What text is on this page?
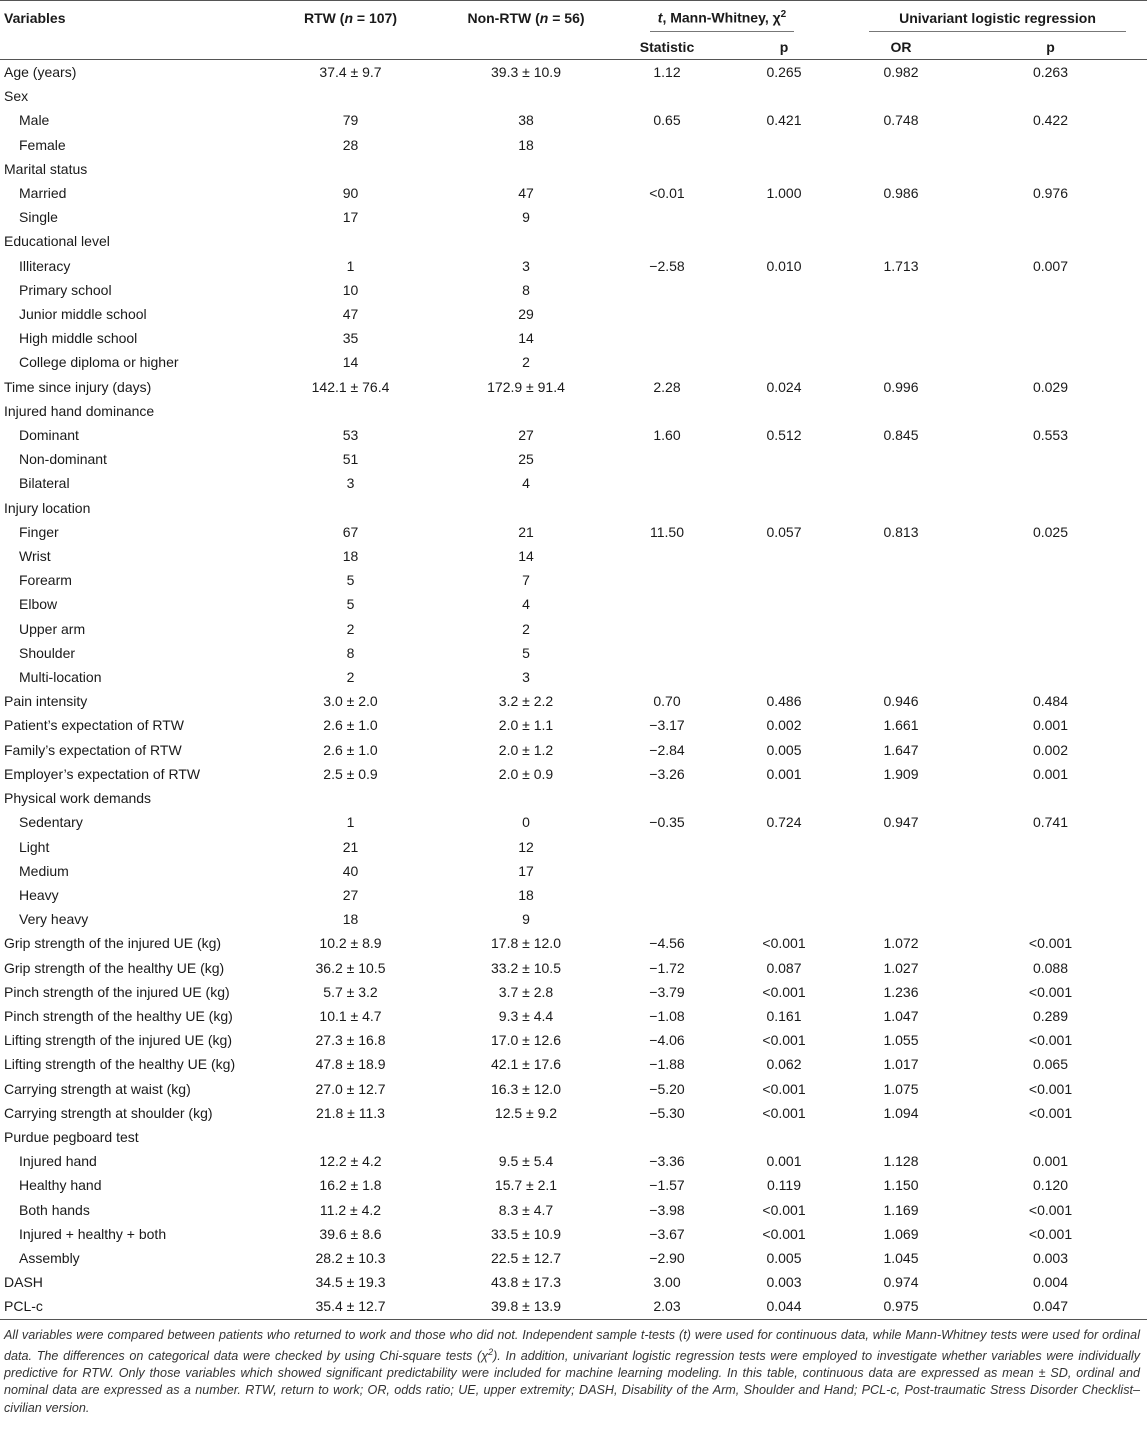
Variables	RTW (n = 107)	Non-RTW (n = 56)	t, Mann-Whitney, $\chi^2$		Univariant logistic regression	
			Statistic	p	OR	p
Age (years)	37.4 ± 9.7	39.3 ± 10.9	1.12	0.265	0.982	0.263
Sex						
Male	79	38	0.65	0.421	0.748	0.422
Female	28	18				
Marital status						
Married	90	47	<0.01	1.000	0.986	0.976
Single	17	9				
Educational level						
Illiteracy	1	3	−2.58	0.010	1.713	0.007
Primary school	10	8				
Junior middle school	47	29				
High middle school	35	14				
College diploma or higher	14	2				
Time since injury (days)	142.1 ± 76.4	172.9 ± 91.4	2.28	0.024	0.996	0.029
Injured hand dominance						
Dominant	53	27	1.60	0.512	0.845	0.553
Non-dominant	51	25				
Bilateral	3	4				
Injury location						
Finger	67	21	11.50	0.057	0.813	0.025
Wrist	18	14				
Forearm	5	7				
Elbow	5	4				
Upper arm	2	2				
Shoulder	8	5				
Multi-location	2	3				
Pain intensity	3.0 ± 2.0	3.2 ± 2.2	0.70	0.486	0.946	0.484
Patient’s expectation of RTW	2.6 ± 1.0	2.0 ± 1.1	−3.17	0.002	1.661	0.001
Family’s expectation of RTW	2.6 ± 1.0	2.0 ± 1.2	−2.84	0.005	1.647	0.002
Employer’s expectation of RTW	2.5 ± 0.9	2.0 ± 0.9	−3.26	0.001	1.909	0.001
Physical work demands						
Sedentary	1	0	−0.35	0.724	0.947	0.741
Light	21	12				
Medium	40	17				
Heavy	27	18				
Very heavy	18	9				
Grip strength of the injured UE (kg)	10.2 ± 8.9	17.8 ± 12.0	−4.56	<0.001	1.072	<0.001
Grip strength of the healthy UE (kg)	36.2 ± 10.5	33.2 ± 10.5	−1.72	0.087	1.027	0.088
Pinch strength of the injured UE (kg)	5.7 ± 3.2	3.7 ± 2.8	−3.79	<0.001	1.236	<0.001
Pinch strength of the healthy UE (kg)	10.1 ± 4.7	9.3 ± 4.4	−1.08	0.161	1.047	0.289
Lifting strength of the injured UE (kg)	27.3 ± 16.8	17.0 ± 12.6	−4.06	<0.001	1.055	<0.001
Lifting strength of the healthy UE (kg)	47.8 ± 18.9	42.1 ± 17.6	−1.88	0.062	1.017	0.065
Carrying strength at waist (kg)	27.0 ± 12.7	16.3 ± 12.0	−5.20	<0.001	1.075	<0.001
Carrying strength at shoulder (kg)	21.8 ± 11.3	12.5 ± 9.2	−5.30	<0.001	1.094	<0.001
Purdue pegboard test						
Injured hand	12.2 ± 4.2	9.5 ± 5.4	−3.36	0.001	1.128	0.001
Healthy hand	16.2 ± 1.8	15.7 ± 2.1	−1.57	0.119	1.150	0.120
Both hands	11.2 ± 4.2	8.3 ± 4.7	−3.98	<0.001	1.169	<0.001
Injured + healthy + both	39.6 ± 8.6	33.5 ± 10.9	−3.67	<0.001	1.069	<0.001
Assembly	28.2 ± 10.3	22.5 ± 12.7	−2.90	0.005	1.045	0.003
DASH	34.5 ± 19.3	43.8 ± 17.3	3.00	0.003	0.974	0.004
PCL-c	35.4 ± 12.7	39.8 ± 13.9	2.03	0.044	0.975	0.047
All variables were compared between patients who returned to work and those who did not. Independent sample t-tests (t) were used for continuous data, while Mann-Whitney tests were used for ordinal data. The differences on categorical data were checked by using Chi-square tests $(\chi^2)$. In addition, univariant logistic regression tests were employed to investigate whether variables were individually predictive for RTW. Only those variables which showed significant predictability were included for machine learning modeling. In this table, continuous data are expressed as mean ± SD, ordinal and nominal data are expressed as a number. RTW, return to work; OR, odds ratio; UE, upper extremity; DASH, Disability of the Arm, Shoulder and Hand; PCL-c, Post-traumatic Stress Disorder Checklist–civilian version.
